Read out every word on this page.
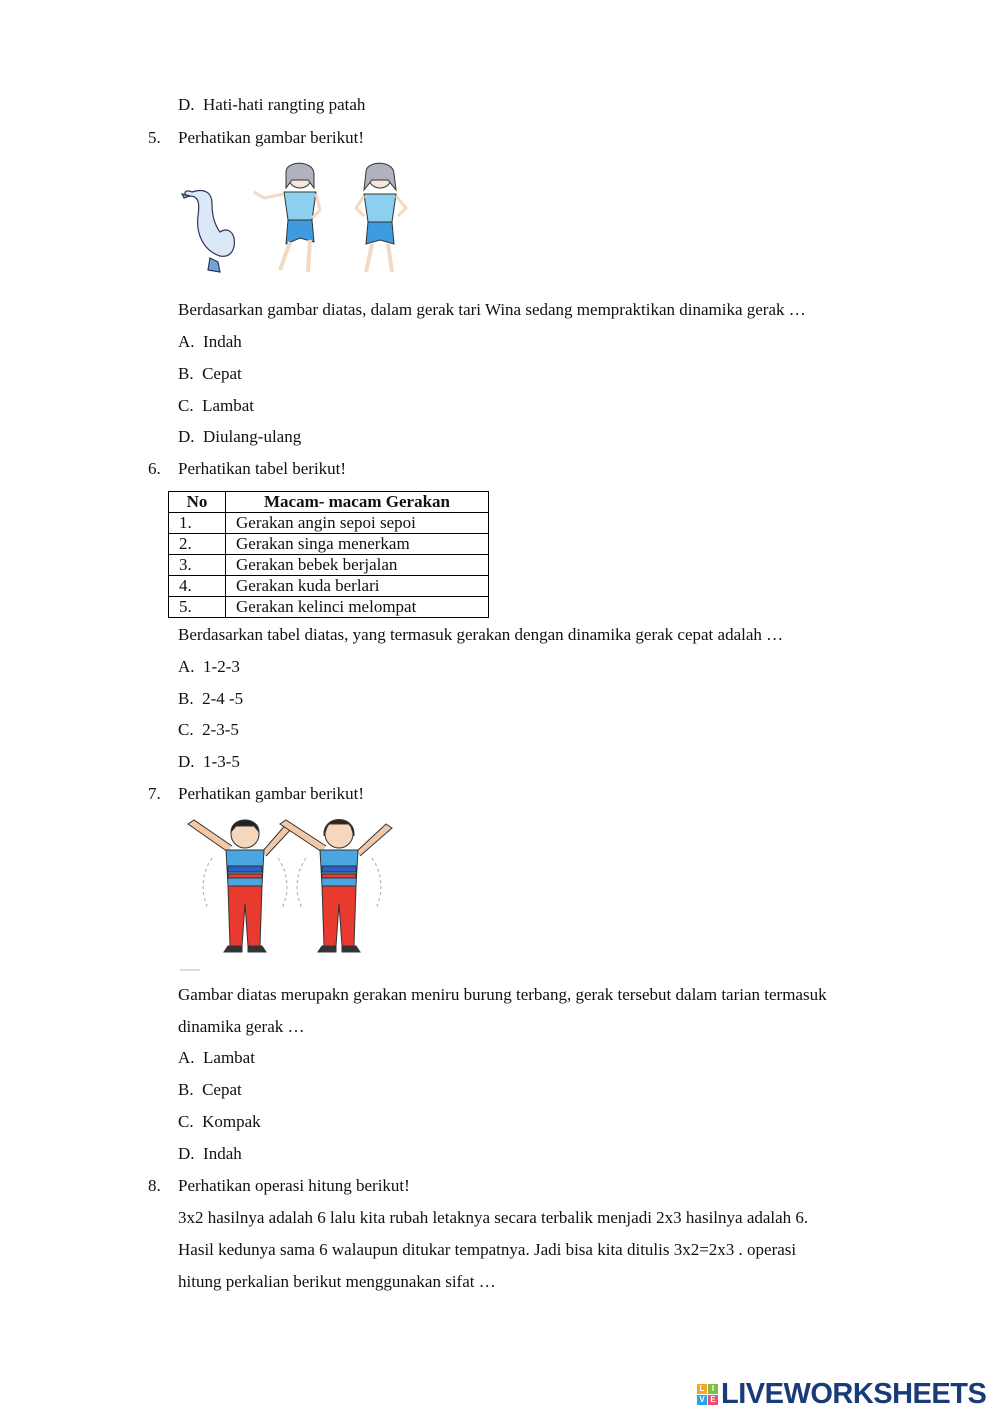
D. Hati-hati rangting patah
5. Perhatikan gambar berikut!
Berdasarkan gambar diatas, dalam gerak tari Wina sedang mempraktikan dinamika gerak …
A. Indah
B. Cepat
C. Lambat
D. Diulang-ulang
6. Perhatikan tabel berikut!
No	Macam- macam Gerakan
1.	Gerakan angin sepoi sepoi
2.	Gerakan singa menerkam
3.	Gerakan bebek berjalan
4.	Gerakan kuda berlari
5.	Gerakan kelinci melompat
Berdasarkan tabel diatas, yang termasuk gerakan dengan dinamika gerak cepat adalah …
A. 1-2-3
B. 2-4 -5
C. 2-3-5
D. 1-3-5
7. Perhatikan gambar berikut!
Gambar diatas merupakn gerakan meniru burung terbang, gerak tersebut dalam tarian termasuk
dinamika gerak …
A. Lambat
B. Cepat
C. Kompak
D. Indah
8. Perhatikan operasi hitung berikut!
3x2 hasilnya adalah 6 lalu kita rubah letaknya secara terbalik menjadi 2x3 hasilnya adalah 6.
Hasil kedunya sama 6 walaupun ditukar tempatnya. Jadi bisa kita ditulis 3x2=2x3 . operasi
hitung perkalian berikut menggunakan sifat …
L I
V E LIVEWORKSHEETS
